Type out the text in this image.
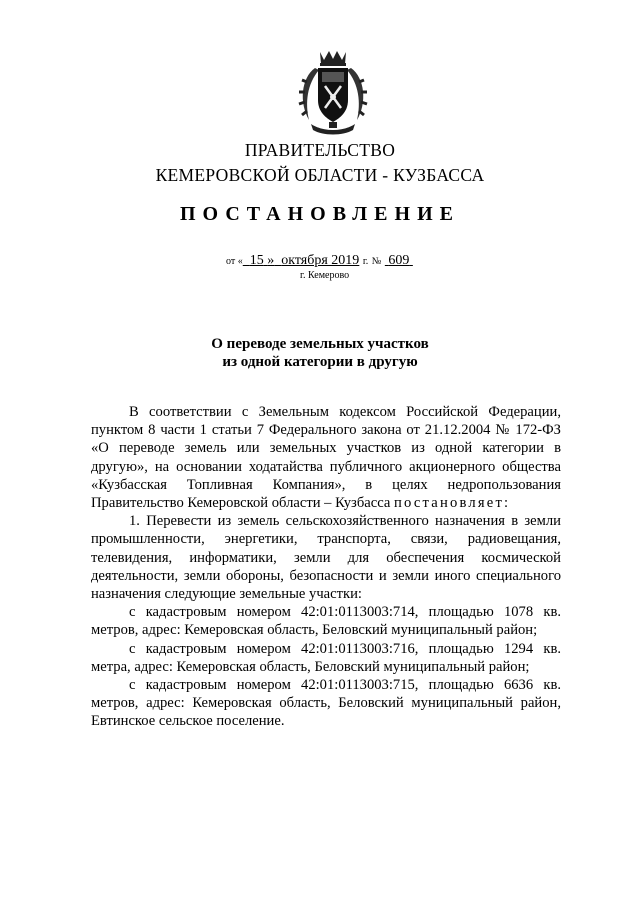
ПРАВИТЕЛЬСТВО
КЕМЕРОВСКОЙ ОБЛАСТИ - КУЗБАССА
ПОСТАНОВЛЕНИЕ
от « 15 » октября 2019 г. № 609
г. Кемерово
О переводе земельных участков
из одной категории в другую

В соответствии с Земельным кодексом Российской Федерации, пунктом 8 части 1 статьи 7 Федерального закона от 21.12.2004 № 172-ФЗ «О переводе земель или земельных участков из одной категории в другую», на основании ходатайства публичного акционерного общества «Кузбасская Топливная Компания», в целях недропользования Правительство Кемеровской области – Кузбасса постановляет:

1. Перевести из земель сельскохозяйственного назначения в земли промышленности, энергетики, транспорта, связи, радиовещания, телевидения, информатики, земли для обеспечения космической деятельности, земли обороны, безопасности и земли иного специального назначения следующие земельные участки:

с кадастровым номером 42:01:0113003:714, площадью 1078 кв. метров, адрес: Кемеровская область, Беловский муниципальный район;

с кадастровым номером 42:01:0113003:716, площадью 1294 кв. метра, адрес: Кемеровская область, Беловский муниципальный район;

с кадастровым номером 42:01:0113003:715, площадью 6636 кв. метров, адрес: Кемеровская область, Беловский муниципальный район, Евтинское сельское поселение.
